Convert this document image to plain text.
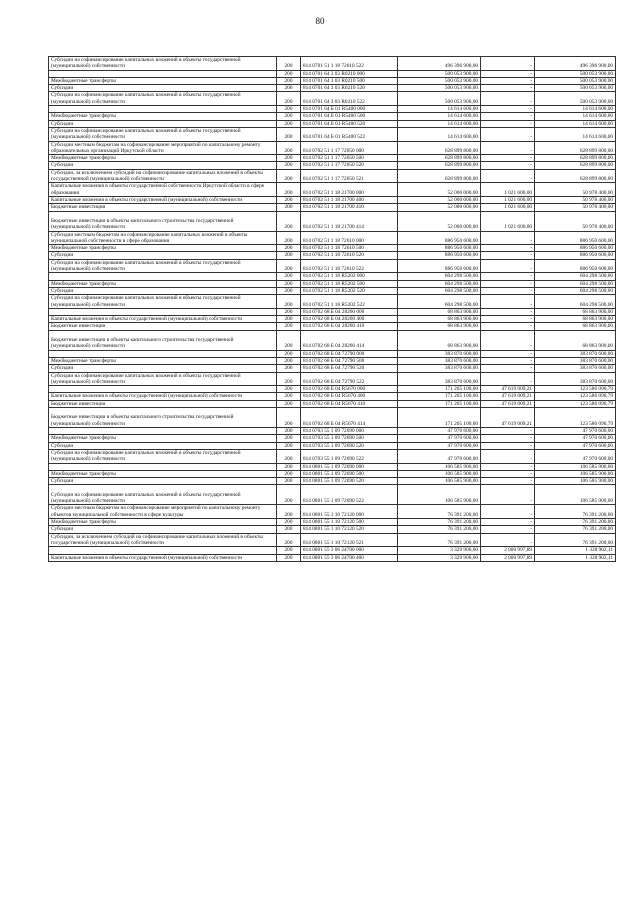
80
Субсидии на софинансирование капитальных вложений в объекты государственной (муниципальной) собственности	200	814 0701 51 1 18 72610 522	496 396 900,00	-	496 396 900,00
	200	814 0701 64 3 03 R0210 000	500 053 900,00	-	500 053 900,00
Межбюджетные трансферты	200	814 0701 64 3 03 R0210 500	500 053 900,00	-	500 053 900,00
Субсидии	200	814 0701 64 3 03 R0210 520	500 053 900,00	-	500 053 900,00
Субсидии на софинансирование капитальных вложений в объекты государственной (муниципальной) собственности	200	814 0701 64 3 03 R0210 522	500 053 900,00	-	500 053 900,00
	200	814 0701 64 Б 01 R5400 000	14 614 600,00	-	14 614 600,00
Межбюджетные трансферты	200	814 0701 64 Б 01 R5400 500	14 614 600,00	-	14 614 600,00
Субсидии	200	814 0701 64 Б 01 R5400 520	14 614 600,00	-	14 614 600,00
Субсидии на софинансирование капитальных вложений в объекты государственной (муниципальной) собственности	200	814 0701 64 Б 01 R5400 522	14 614 600,00	-	14 614 600,00
Субсидии местным бюджетам на софинансирование мероприятий по капитальному ремонту образовательных организаций Иркутской области	200	814 0702 51 1 17 72050 000	628 899 800,00	-	628 899 800,00
Межбюджетные трансферты	200	814 0702 51 1 17 72050 500	628 899 800,00	-	628 899 800,00
Субсидии	200	814 0702 51 1 17 72050 520	628 899 800,00	-	628 899 800,00
Субсидии, за исключением субсидий на софинансирование капитальных вложений в объекты государственной (муниципальной) собственности	200	814 0702 51 1 17 72050 521	628 899 800,00	-	628 899 800,00
Капитальные вложения в объекты государственной собственности Иркутской области в сфере образования	200	814 0702 51 1 18 21700 000	52 000 000,00	1 021 600,00	50 978 400,00
Капитальные вложения в объекты государственной (муниципальной) собственности	200	814 0702 51 1 18 21700 400	52 000 000,00	1 021 600,00	50 978 400,00
Бюджетные инвестиции	200	814 0702 51 1 18 21700 410	52 000 000,00	1 021 600,00	50 978 400,00
Бюджетные инвестиции в объекты капитального строительства государственной (муниципальной) собственности	200	814 0702 51 1 18 21700 414	52 000 000,00	1 021 600,00	50 978 400,00
Субсидии местным бюджетам на софинансирование капитальных вложений в объекты муниципальной собственности в сфере образования	200	814 0702 51 1 18 72610 000	886 950 600,00	-	886 950 600,00
Межбюджетные трансферты	200	814 0702 51 1 18 72610 500	886 950 600,00	-	886 950 600,00
Субсидии	200	814 0702 51 1 18 72610 520	886 950 600,00	-	886 950 600,00
Субсидии на софинансирование капитальных вложений в объекты государственной (муниципальной) собственности	200	814 0702 51 1 18 72610 522	886 950 600,00	-	886 950 600,00
	200	814 0702 51 1 18 R5202 000	604 298 500,00	-	604 298 500,00
Межбюджетные трансферты	200	814 0702 51 1 18 R5202 500	604 298 500,00	-	604 298 500,00
Субсидии	200	814 0702 51 1 18 R5202 520	604 298 500,00	-	604 298 500,00
Субсидии на софинансирование капитальных вложений в объекты государственной (муниципальной) собственности	200	814 0702 51 1 18 R5202 522	604 298 500,00	-	604 298 500,00
	200	814 0702 68 Б 04 28260 000	68 863 900,00	-	68 863 900,00
Капитальные вложения в объекты государственной (муниципальной) собственности	200	814 0702 68 Б 04 28260 400	68 863 900,00	-	68 863 900,00
Бюджетные инвестиции	200	814 0702 68 Б 04 28260 410	68 863 900,00	-	68 863 900,00
Бюджетные инвестиции в объекты капитального строительства государственной (муниципальной) собственности	200	814 0702 68 Б 04 28260 414	68 863 900,00	-	68 863 900,00
	200	814 0702 68 Б 04 72790 000	383 870 600,00	-	383 870 600,00
Межбюджетные трансферты	200	814 0702 68 Б 04 72790 500	383 870 600,00	-	383 870 600,00
Субсидии	200	814 0702 68 Б 04 72790 520	383 870 600,00	-	383 870 600,00
Субсидии на софинансирование капитальных вложений в объекты государственной (муниципальной) собственности	200	814 0702 68 Б 04 72790 522	383 870 600,00	-	383 870 600,00
	200	814 0702 68 Б 04 R5670 000	171 205 100,00	47 619 009,21	123 586 090,79
Капитальные вложения в объекты государственной (муниципальной) собственности	200	814 0702 68 Б 04 R5670 400	171 205 100,00	47 619 009,21	123 586 090,79
Бюджетные инвестиции	200	814 0702 68 Б 04 R5670 410	171 205 100,00	47 619 009,21	123 586 090,79
Бюджетные инвестиции в объекты капитального строительства государственной (муниципальной) собственности	200	814 0702 68 Б 04 R5670 414	171 205 100,00	47 619 009,21	123 586 090,79
	200	814 0703 55 1 09 72690 000	47 970 600,00	-	47 970 600,00
Межбюджетные трансферты	200	814 0703 55 1 09 72690 500	47 970 600,00	-	47 970 600,00
Субсидии	200	814 0703 55 1 09 72690 520	47 970 600,00	-	47 970 600,00
Субсидии на софинансирование капитальных вложений в объекты государственной (муниципальной) собственности	200	814 0703 55 1 09 72690 522	47 970 600,00	-	47 970 600,00
	200	814 0801 55 1 09 72690 000	106 585 900,00	-	106 585 900,00
Межбюджетные трансферты	200	814 0801 55 1 09 72690 500	106 585 900,00	-	106 585 900,00
Субсидии	200	814 0801 55 1 09 72690 520	106 585 900,00	-	106 585 900,00
Субсидии на софинансирование капитальных вложений в объекты государственной (муниципальной) собственности	200	814 0801 55 1 09 72690 522	106 585 900,00	-	106 585 900,00
Субсидии местным бюджетам на софинансирование мероприятий по капитальному ремонту объектов муниципальной собственности в сфере культуры	200	814 0801 55 1 10 72120 000	76 391 200,00	-	76 391 200,00
Межбюджетные трансферты	200	814 0801 55 1 10 72120 500	76 391 200,00	-	76 391 200,00
Субсидии	200	814 0801 55 1 10 72120 520	76 391 200,00	-	76 391 200,00
Субсидии, за исключением субсидий на софинансирование капитальных вложений в объекты государственной (муниципальной) собственности	200	814 0801 55 1 10 72120 521	76 391 200,00	-	76 391 200,00
	200	814 0801 55 3 06 24700 000	3 329 900,00	2 000 997,89	1 328 902,11
Капитальные вложения в объекты государственной (муниципальной) собственности	200	814 0801 55 3 06 24700 400	3 329 900,00	2 000 997,89	1 328 902,11
